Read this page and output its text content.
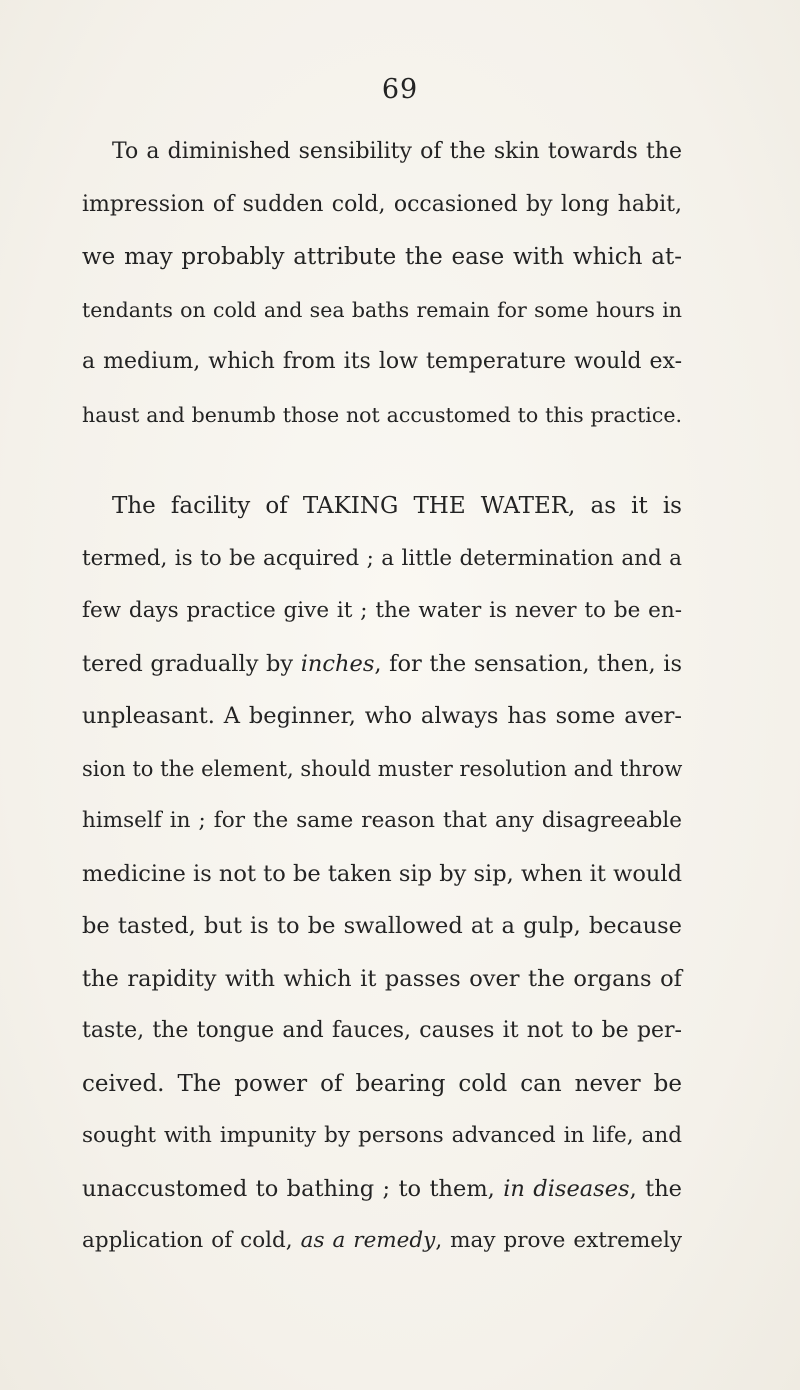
69
To a diminished sensibility of the skin towards the
impression of sudden cold, occasioned by long habit,
we may probably attribute the ease with which at-
tendants on cold and sea baths remain for some hours in
a medium, which from its low temperature would ex-
haust and benumb those not accustomed to this practice.
The facility of TAKING THE WATER, as it is
termed, is to be acquired ; a little determination and a
few days practice give it ; the water is never to be en-
tered gradually by inches, for the sensation, then, is
unpleasant. A beginner, who always has some aver-
sion to the element, should muster resolution and throw
himself in ; for the same reason that any disagreeable
medicine is not to be taken sip by sip, when it would
be tasted, but is to be swallowed at a gulp, because
the rapidity with which it passes over the organs of
taste, the tongue and fauces, causes it not to be per-
ceived. The power of bearing cold can never be
sought with impunity by persons advanced in life, and
unaccustomed to bathing ; to them, in diseases, the
application of cold, as a remedy, may prove extremely
